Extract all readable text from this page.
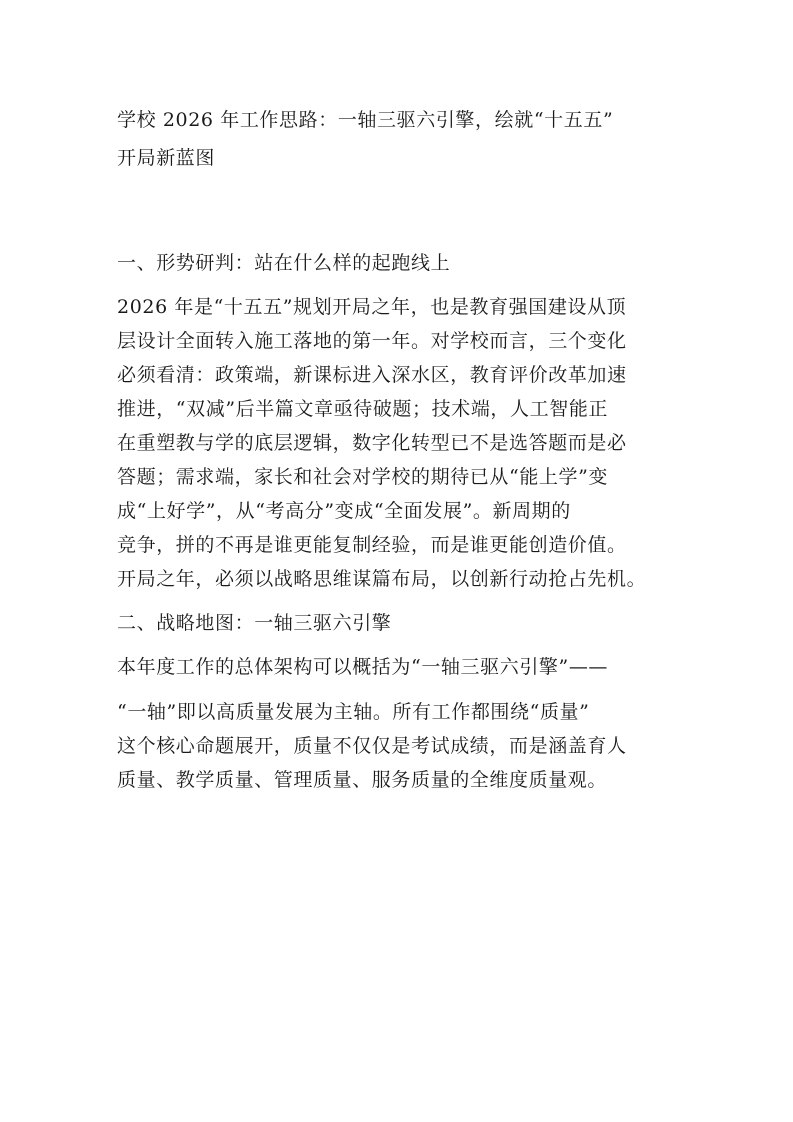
学校 2026 年工作思路：一轴三驱六引擎，绘就“十五五”
开局新蓝图
一、形势研判：站在什么样的起跑线上
2026 年是“十五五”规划开局之年，也是教育强国建设从顶
层设计全面转入施工落地的第一年。对学校而言，三个变化
必须看清：政策端，新课标进入深水区，教育评价改革加速
推进，“双减”后半篇文章亟待破题；技术端，人工智能正
在重塑教与学的底层逻辑，数字化转型已不是选答题而是必
答题；需求端，家长和社会对学校的期待已从“能上学”变
成“上好学”，从“考高分”变成“全面发展”。新周期的
竞争，拼的不再是谁更能复制经验，而是谁更能创造价值。
开局之年，必须以战略思维谋篇布局，以创新行动抢占先机。
二、战略地图：一轴三驱六引擎
本年度工作的总体架构可以概括为“一轴三驱六引擎”——
“一轴”即以高质量发展为主轴。所有工作都围绕“质量”
这个核心命题展开，质量不仅仅是考试成绩，而是涵盖育人
质量、教学质量、管理质量、服务质量的全维度质量观。
